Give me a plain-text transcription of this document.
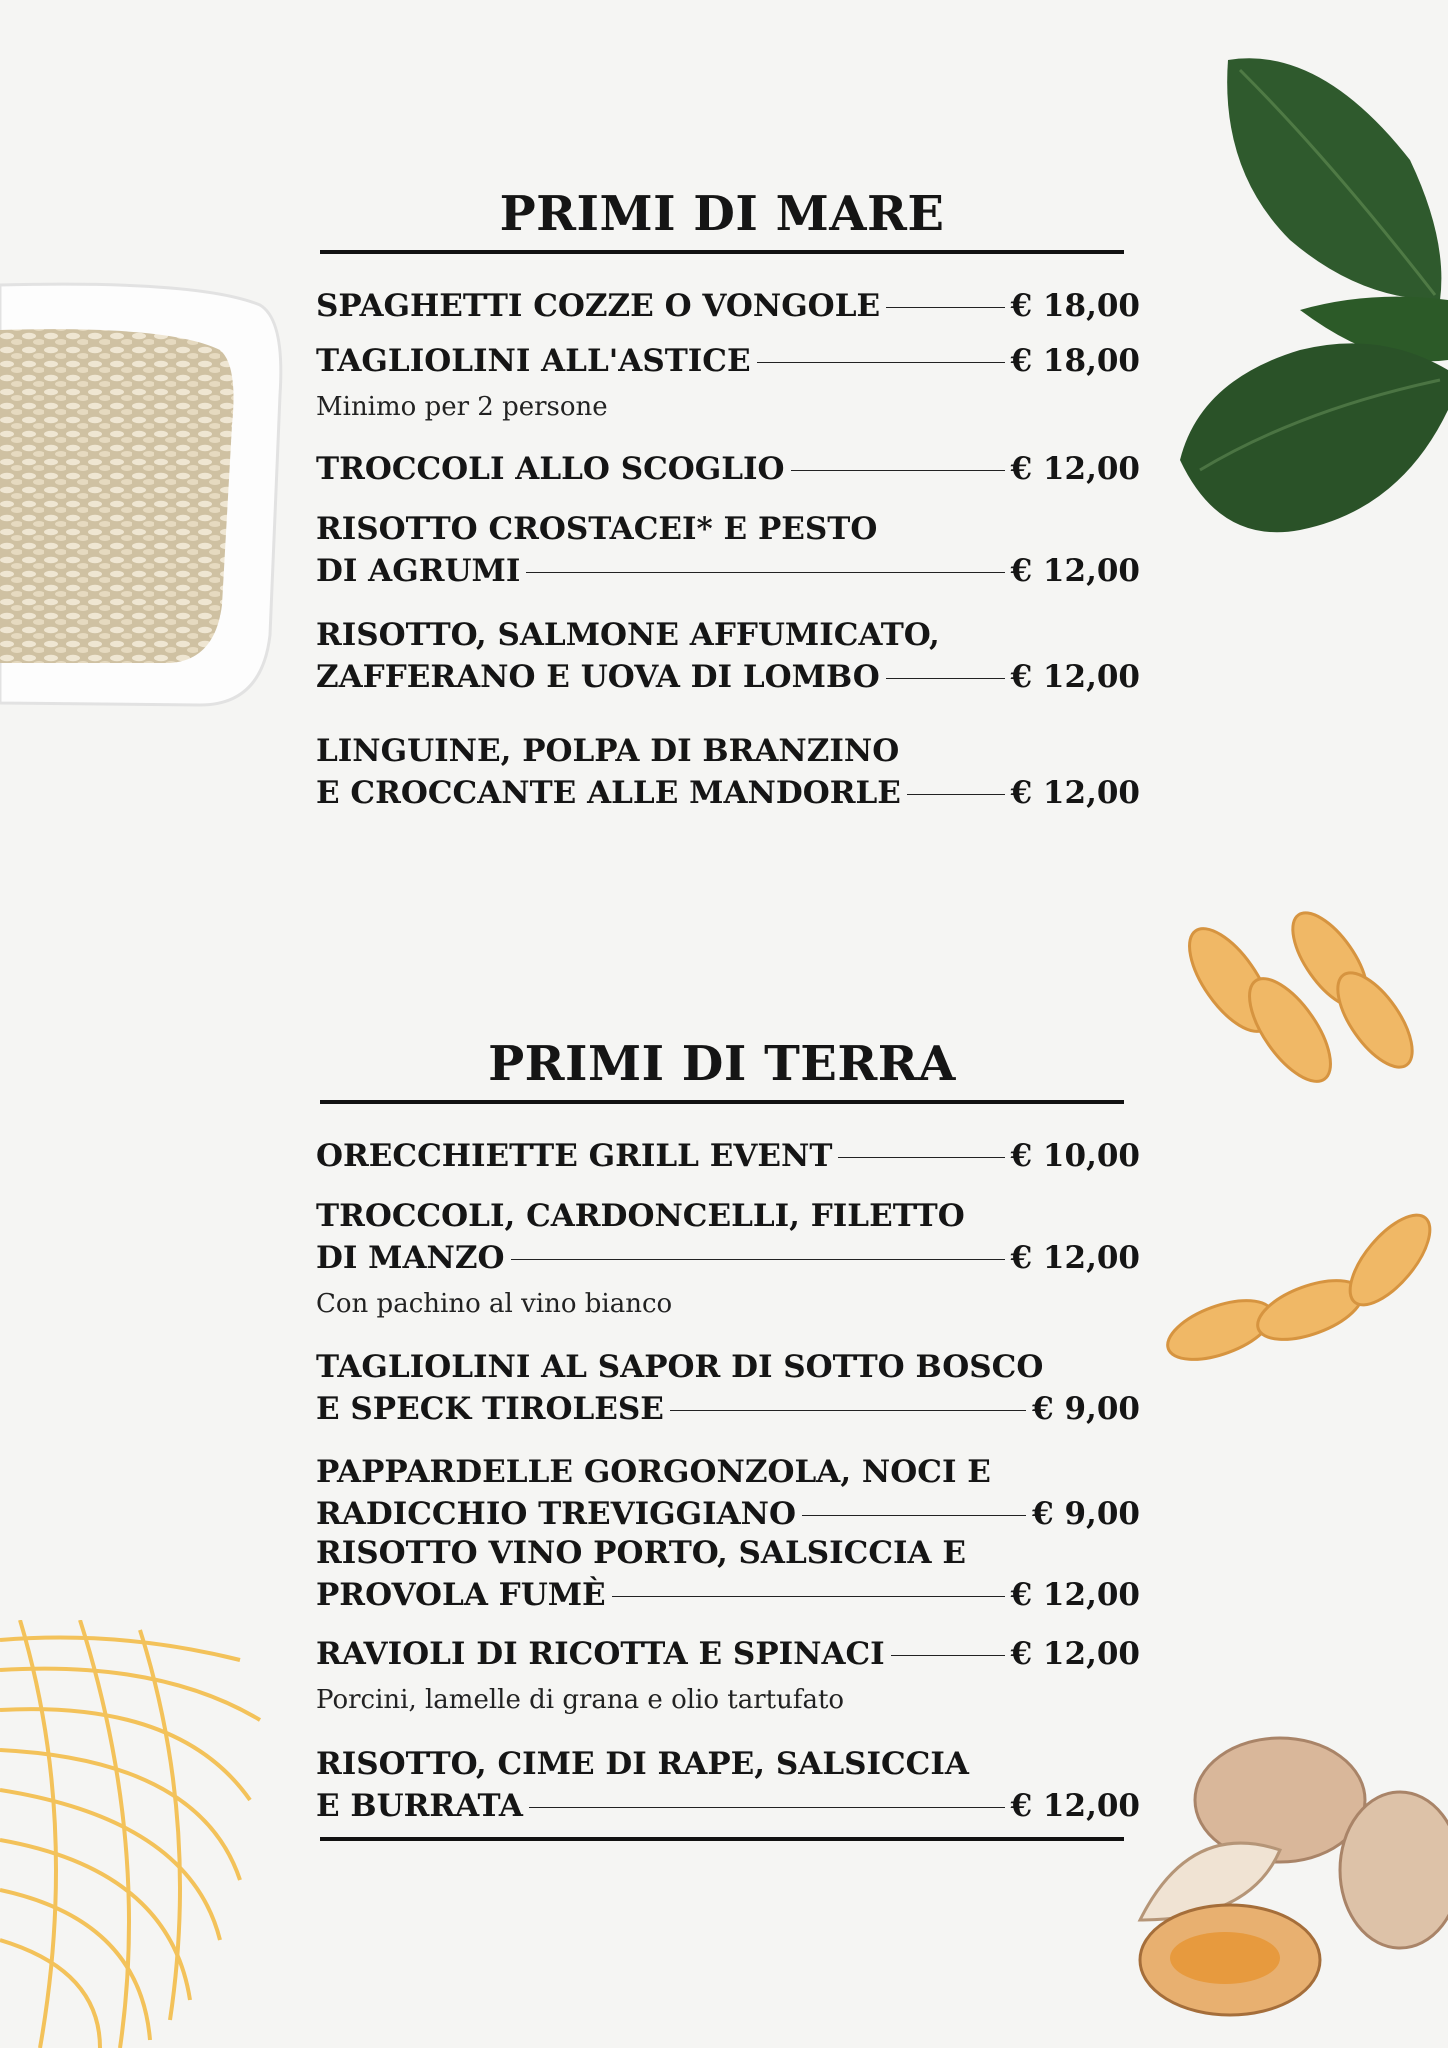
PRIMI DI MARE
SPAGHETTI COZZE O VONGOLE	€ 18,00
TAGLIOLINI ALL'ASTICE	€ 18,00
Minimo per 2 persone
TROCCOLI ALLO SCOGLIO	€ 12,00
RISOTTO CROSTACEI* E PESTO
DI AGRUMI	€ 12,00
RISOTTO, SALMONE AFFUMICATO,
ZAFFERANO E UOVA DI LOMBO	€ 12,00
LINGUINE, POLPA DI BRANZINO
E CROCCANTE ALLE MANDORLE	€ 12,00
PRIMI DI TERRA
ORECCHIETTE GRILL EVENT	€ 10,00
TROCCOLI, CARDONCELLI, FILETTO
DI MANZO	€ 12,00
Con pachino al vino bianco
TAGLIOLINI AL SAPOR DI SOTTO BOSCO
E SPECK TIROLESE	€ 9,00
PAPPARDELLE GORGONZOLA, NOCI E
RADICCHIO TREVIGGIANO	€ 9,00
RISOTTO VINO PORTO, SALSICCIA E
PROVOLA FUMÈ	€ 12,00
RAVIOLI DI RICOTTA E SPINACI	€ 12,00
Porcini, lamelle di grana e olio tartufato
RISOTTO, CIME DI RAPE, SALSICCIA
E BURRATA	€ 12,00
